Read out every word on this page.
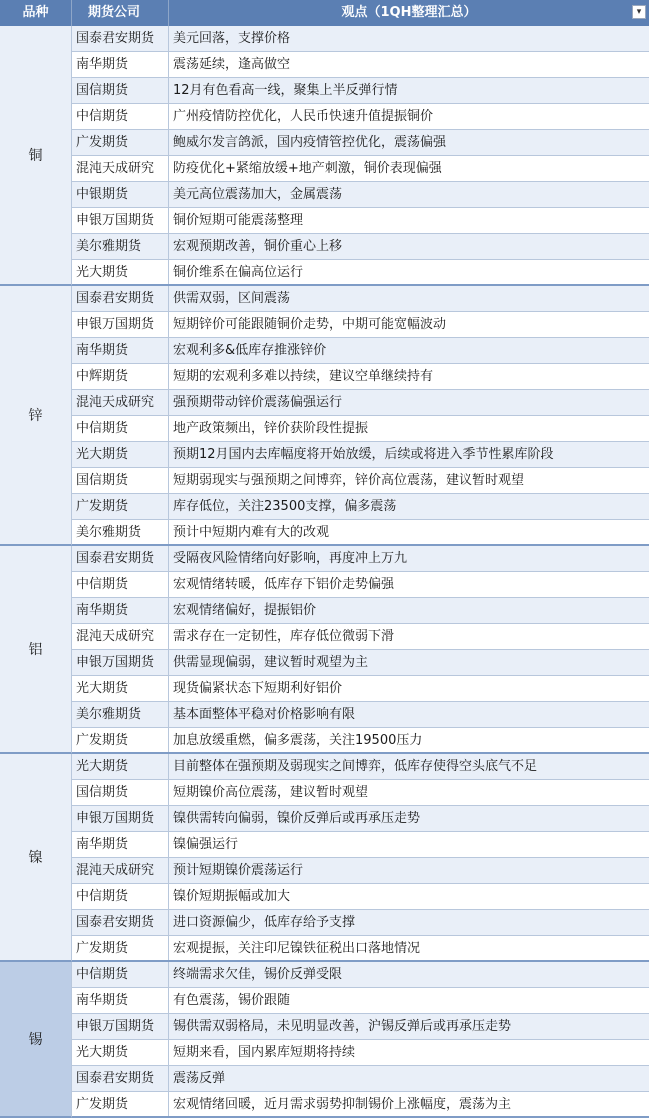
品种	期货公司	观点（1QH整理汇总）	▾
铜
国泰君安期货	美元回落，支撑价格
南华期货	震荡延续，逢高做空
国信期货	12月有色看高一线，聚集上半反弹行情
中信期货	广州疫情防控优化，人民币快速升值提振铜价
广发期货	鲍威尔发言鸽派，国内疫情管控优化，震荡偏强
混沌天成研究	防疫优化+紧缩放缓+地产刺激，铜价表现偏强
中银期货	美元高位震荡加大，金属震荡
申银万国期货	铜价短期可能震荡整理
美尔雅期货	宏观预期改善，铜价重心上移
光大期货	铜价维系在偏高位运行
锌
国泰君安期货	供需双弱，区间震荡
申银万国期货	短期锌价可能跟随铜价走势，中期可能宽幅波动
南华期货	宏观利多&低库存推涨锌价
中辉期货	短期的宏观利多难以持续，建议空单继续持有
混沌天成研究	强预期带动锌价震荡偏强运行
中信期货	地产政策频出，锌价获阶段性提振
光大期货	预期12月国内去库幅度将开始放缓，后续或将进入季节性累库阶段
国信期货	短期弱现实与强预期之间博弈，锌价高位震荡，建议暂时观望
广发期货	库存低位，关注23500支撑，偏多震荡
美尔雅期货	预计中短期内难有大的改观
铝
国泰君安期货	受隔夜风险情绪向好影响，再度冲上万九
中信期货	宏观情绪转暖，低库存下铝价走势偏强
南华期货	宏观情绪偏好，提振铝价
混沌天成研究	需求存在一定韧性，库存低位微弱下滑
申银万国期货	供需显现偏弱，建议暂时观望为主
光大期货	现货偏紧状态下短期利好铝价
美尔雅期货	基本面整体平稳对价格影响有限
广发期货	加息放缓重燃，偏多震荡，关注19500压力
镍
光大期货	目前整体在强预期及弱现实之间博弈，低库存使得空头底气不足
国信期货	短期镍价高位震荡，建议暂时观望
申银万国期货	镍供需转向偏弱，镍价反弹后或再承压走势
南华期货	镍偏强运行
混沌天成研究	预计短期镍价震荡运行
中信期货	镍价短期振幅或加大
国泰君安期货	进口资源偏少，低库存给予支撑
广发期货	宏观提振，关注印尼镍铁征税出口落地情况
锡
中信期货	终端需求欠佳，锡价反弹受限
南华期货	有色震荡，锡价跟随
申银万国期货	锡供需双弱格局，未见明显改善，沪锡反弹后或再承压走势
光大期货	短期来看，国内累库短期将持续
国泰君安期货	震荡反弹
广发期货	宏观情绪回暖，近月需求弱势抑制锡价上涨幅度，震荡为主
